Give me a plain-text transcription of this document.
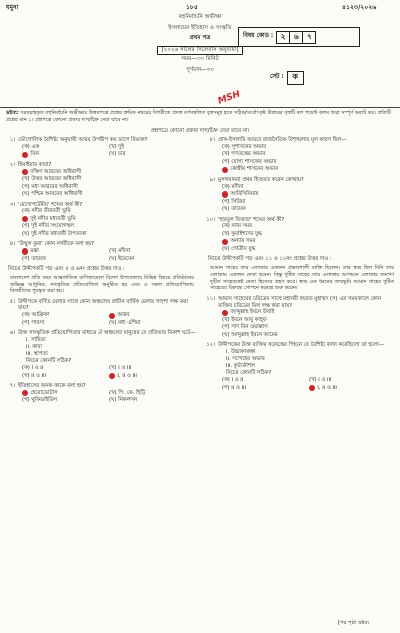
যমুনা	১৮৫	৪১২৩/২০২৬
বহুনির্বাচনি অভীক্ষা
ইসলামের ইতিহাস ও সংস্কৃতি
প্রথম পত্র
[২০২৬ সালের সিলেবাস অনুযায়ী]
সময়—৩০ মিনিট
পূর্ণমান—৩০
বিষয় কোড :	২	৬	৭
সেট :	ক
MSH
দ্রষ্টব্য: সরবরাহকৃত বহুনির্বাচনি অভীক্ষার উত্তরপত্রে প্রশ্নের ক্রমিক নম্বরের বিপরীতে প্রদত্ত বর্ণসম্বলিত বৃত্তসমূহ হতে সঠিক/সর্বোৎকৃষ্ট উত্তরের বৃত্তটি বল পয়েন্ট কলম দ্বারা সম্পূর্ণ ভরাট কর। প্রতিটি প্রশ্নের মান ১। প্রশ্নপত্রে কোনো প্রকার দাগ/চিহ্ন দেয়া যাবে না।
প্রশ্নপত্রে কোনো প্রকার দাগ/চিহ্ন দেয়া যাবে না।
১। ভৌগোলিক বৈশিষ্ট্য অনুযায়ী আরব উপদ্বীপ কয় ভাগে বিভক্ত?
(ক) এক	(খ) দুই
তিন	(ঘ) চার
২। হিমাইয়ার কারা?
দক্ষিণ আরবের অধিবাসী
(খ) উত্তর আরবের অধিবাসী
(গ) মধ্য আরবের অধিবাসী
(ঘ) পশ্চিম আরবের অধিবাসী
৩। 'মেসোপটেমীয়' শব্দের অর্থ কী?
(ক) নদীর তীরবর্তী ভূমি
দুই নদীর মধ্যবর্তী ভূমি
(গ) দুই নদীর সংযোগস্থল
(ঘ) দুই নদীর মধ্যবর্তী উপত্যকা
৪। 'উম্মুল কুরা' কোন নগরীকে বলা হয়?
মক্কা	(খ) মদীনা
(গ) তায়েফ	(ঘ) ইয়েমেন
নিচের উদ্দীপকটি পড় এবং ৫ ও ৬নং প্রশ্নের উত্তর দাও :
বাংলাদেশ প্রতি বছর আন্তর্জাতিক বাণিজ্যমেলা বিদেশ উপজেলায় বিভিন্ন বিষয়ে প্রতিষ্ঠানের অভিজ্ঞ আধুনিক, সাংস্কৃতিক প্রতিযোগিতা অনুষ্ঠিত হয় এবং এ সকল প্রতিযোগিতায় বিজয়ীদের পুরস্কৃত করা হয়।
৫। উদ্দীপকে বর্ণিত মেলার সাথে কোন অঞ্চলের প্রাচীন বার্ষিক মেলার সাদৃশ্য লক্ষ করা যায়?
(ক) আফ্রিকা	আরব
(গ) পারস্য	(ঘ) মধ্য এশিয়া
৬। উক্ত সাংস্কৃতিক প্রতিযোগিতার মাধ্যমে ঐ অঞ্চলের মানুষের যে প্রতিভার বিকাশ ঘটে—
i. সাহিত্য
ii. কাব্য
iii. স্থাপত্য
নিচের কোনটি সঠিক?
(ক) i ও ii	(খ) i ও iii
(গ) ii ও iii	i, ii ও iii
৭। ইতিহাসের জনক কাকে বলা হয়?
হেরোডোটাস	(খ) পি. কে. হিট্টি
(গ) থুকিডাইডিস	(ঘ) নিকলসন
৮। প্রাক-ইসলামি আরবে রাজনৈতিক বিশৃঙ্খলার মূল কারণ ছিল—
(ক) সুশাসনের অভাব
(খ) গণতন্ত্রের অভাব
(গ) যোগ্য শাসকের অভাব
কেন্দ্রীয় শাসনের অভাব
৯। মুসলমানরা প্রথম হিজরত করেন কোথায়?
(ক) মদীনা
আবিসিনিয়ায়
(গ) সিরিয়া
(ঘ) তায়েফ
১০। 'হারবুল ফিজার' শব্দের অর্থ কী?
(ক) ন্যায় সমর
(খ) কুরাইশদের যুদ্ধ
অন্যায় সমর
(ঘ) গোত্রীয় যুদ্ধ
নিচের উদ্দীপকটি পড় এবং ১১ ও ১২নং প্রশ্নের উত্তর দাও :
আমান সাহেব তার এলাকার একজন প্রভাবশালী ব্যক্তি ছিলেন। তার স্বচ্ছ ছিল যিনি তার এলাকায় একজন নেতা হবেন। কিন্তু দুটিত সাহেব তার এলাকায় আগমনে এলাকার জনগণ দুটিত সাহেবকেই নেতা হিসেবে গ্রহণ করে। স্বচ্ছ এক ধরনের জন্মভূমি আমান সাহেব দুটিত সাহেবের বিরুদ্ধে গোপনে ষড়যন্ত্র শুরু করেন।
১১। আমান সাহেবের চরিত্রের সাথে মহানবী হযরত মুহাম্মদ (স) এর সময়কালে কোন ব্যক্তির চরিত্রের মিল লক্ষ করা যায়?
আব্দুল্লাহ ইবনে উবাই
(খ) ইবনে আবু কাহ্ফ
(গ) সাদ বিন ওয়াক্কাস
(ঘ) আব্দুল্লাহ ইবনে আমের
১২। উদ্দীপকের উক্ত ব্যক্তির ষড়যন্ত্রের পিছনে যে বৈশিষ্ট্য কাজ করেছিলো তা হলো—
i. উচ্চাকাঙ্ক্ষা
ii. সন্দেহের অভাব
iii. কূটকৌশল
নিচের কোনটি সঠিক?
(ক) i ও ii	(খ) i ও iii
(গ) ii ও iii	i, ii ও iii
[পর পৃষ্ঠা দ্রষ্টব্য
